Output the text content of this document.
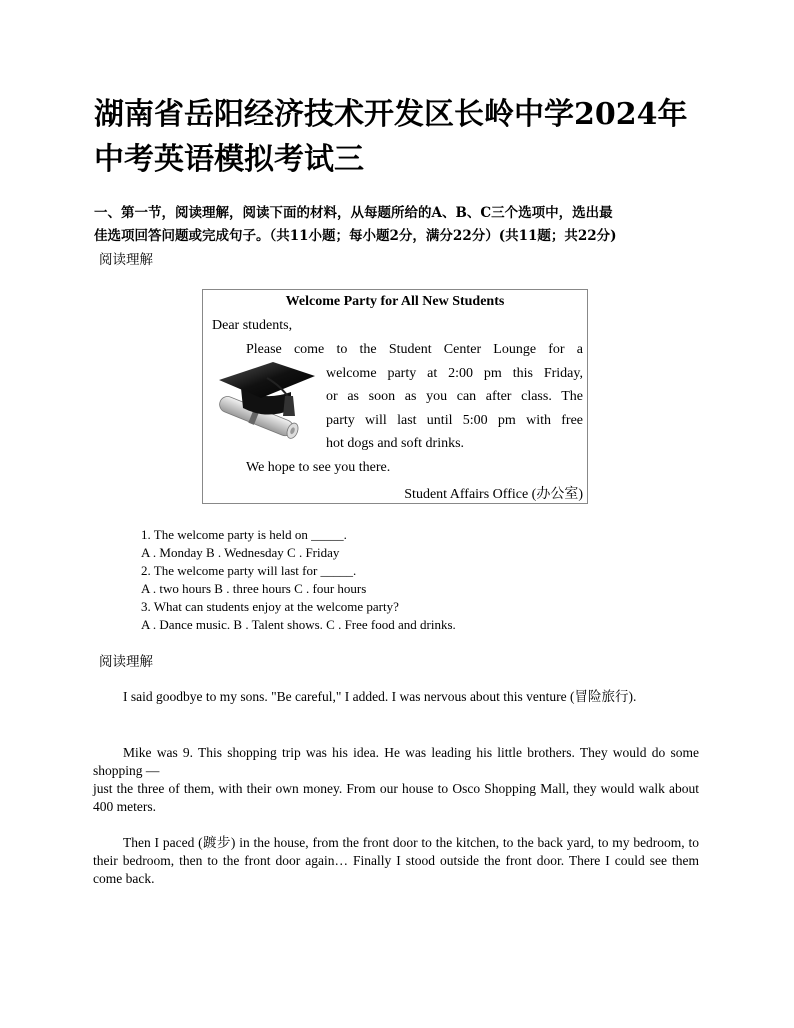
湖南省岳阳经济技术开发区长岭中学2024年
中考英语模拟考试三
一、第一节，阅读理解，阅读下面的材料，从每题所给的A、B、C三个选项中，选出最
佳选项回答问题或完成句子。（共11小题；每小题2分，满分22分）(共11题；共22分)
阅读理解
Welcome Party for All New Students
Dear students,
Please come to the Student Center Lounge for a
welcome party at 2:00 pm this Friday,
or as soon as you can after class. The
party will last until 5:00 pm with free
hot dogs and soft drinks.
We hope to see you there.
Student Affairs Office (办公室)
1. The welcome party is held on _____.
A . Monday B . Wednesday C . Friday
2. The welcome party will last for _____.
A . two hours B . three hours C . four hours
3. What can students enjoy at the welcome party?
A . Dance music. B . Talent shows. C . Free food and drinks.
阅读理解
I said goodbye to my sons. "Be careful," I added. I was nervous about this venture (冒险旅行).
Mike was 9. This shopping trip was his idea. He was leading his little brothers. They would do some shopping —
just the three of them, with their own money. From our house to Osco Shopping Mall, they would walk about 400 meters.
Then I paced (踱步) in the house, from the front door to the kitchen, to the back yard, to my bedroom, to their bedroom, then to the front door again… Finally I stood outside the front door. There I could see them come back.
